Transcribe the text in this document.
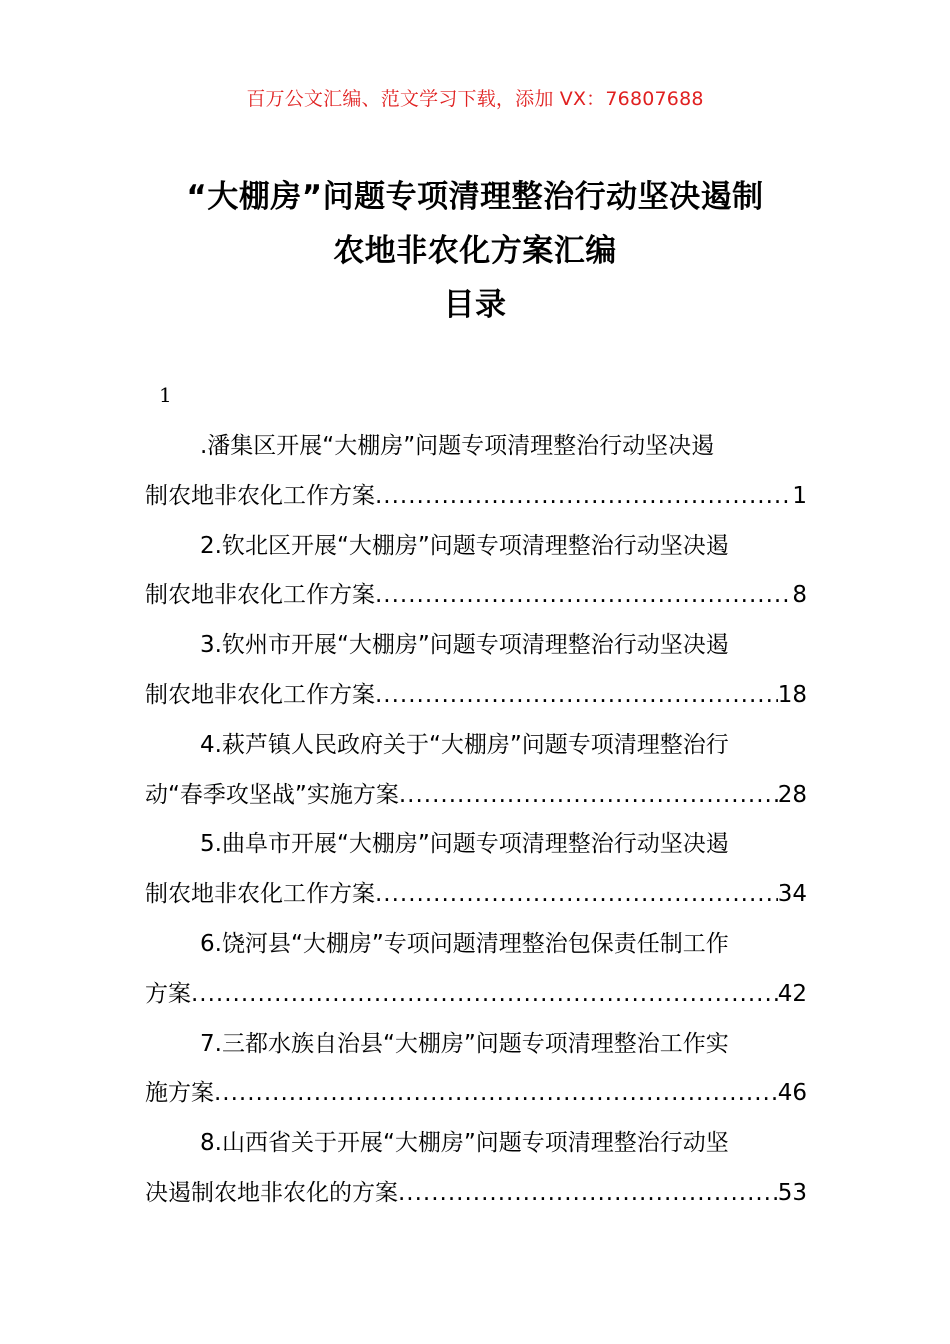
百万公文汇编、范文学习下载，添加 VX：76807688
“大棚房”问题专项清理整治行动坚决遏制
农地非农化方案汇编
目录
1
.潘集区开展“大棚房”问题专项清理整治行动坚决遏
制农地非农化工作方案 .....	1
2.钦北区开展“大棚房”问题专项清理整治行动坚决遏
制农地非农化工作方案 .....	8
3.钦州市开展“大棚房”问题专项清理整治行动坚决遏
制农地非农化工作方案 .....	18
4.萩芦镇人民政府关于“大棚房”问题专项清理整治行
动“春季攻坚战”实施方案 .....	28
5.曲阜市开展“大棚房”问题专项清理整治行动坚决遏
制农地非农化工作方案 .....	34
6.饶河县“大棚房”专项问题清理整治包保责任制工作
方案 .....	42
7.三都水族自治县“大棚房”问题专项清理整治工作实
施方案 .....	46
8.山西省关于开展“大棚房”问题专项清理整治行动坚
决遏制农地非农化的方案 .....	53
